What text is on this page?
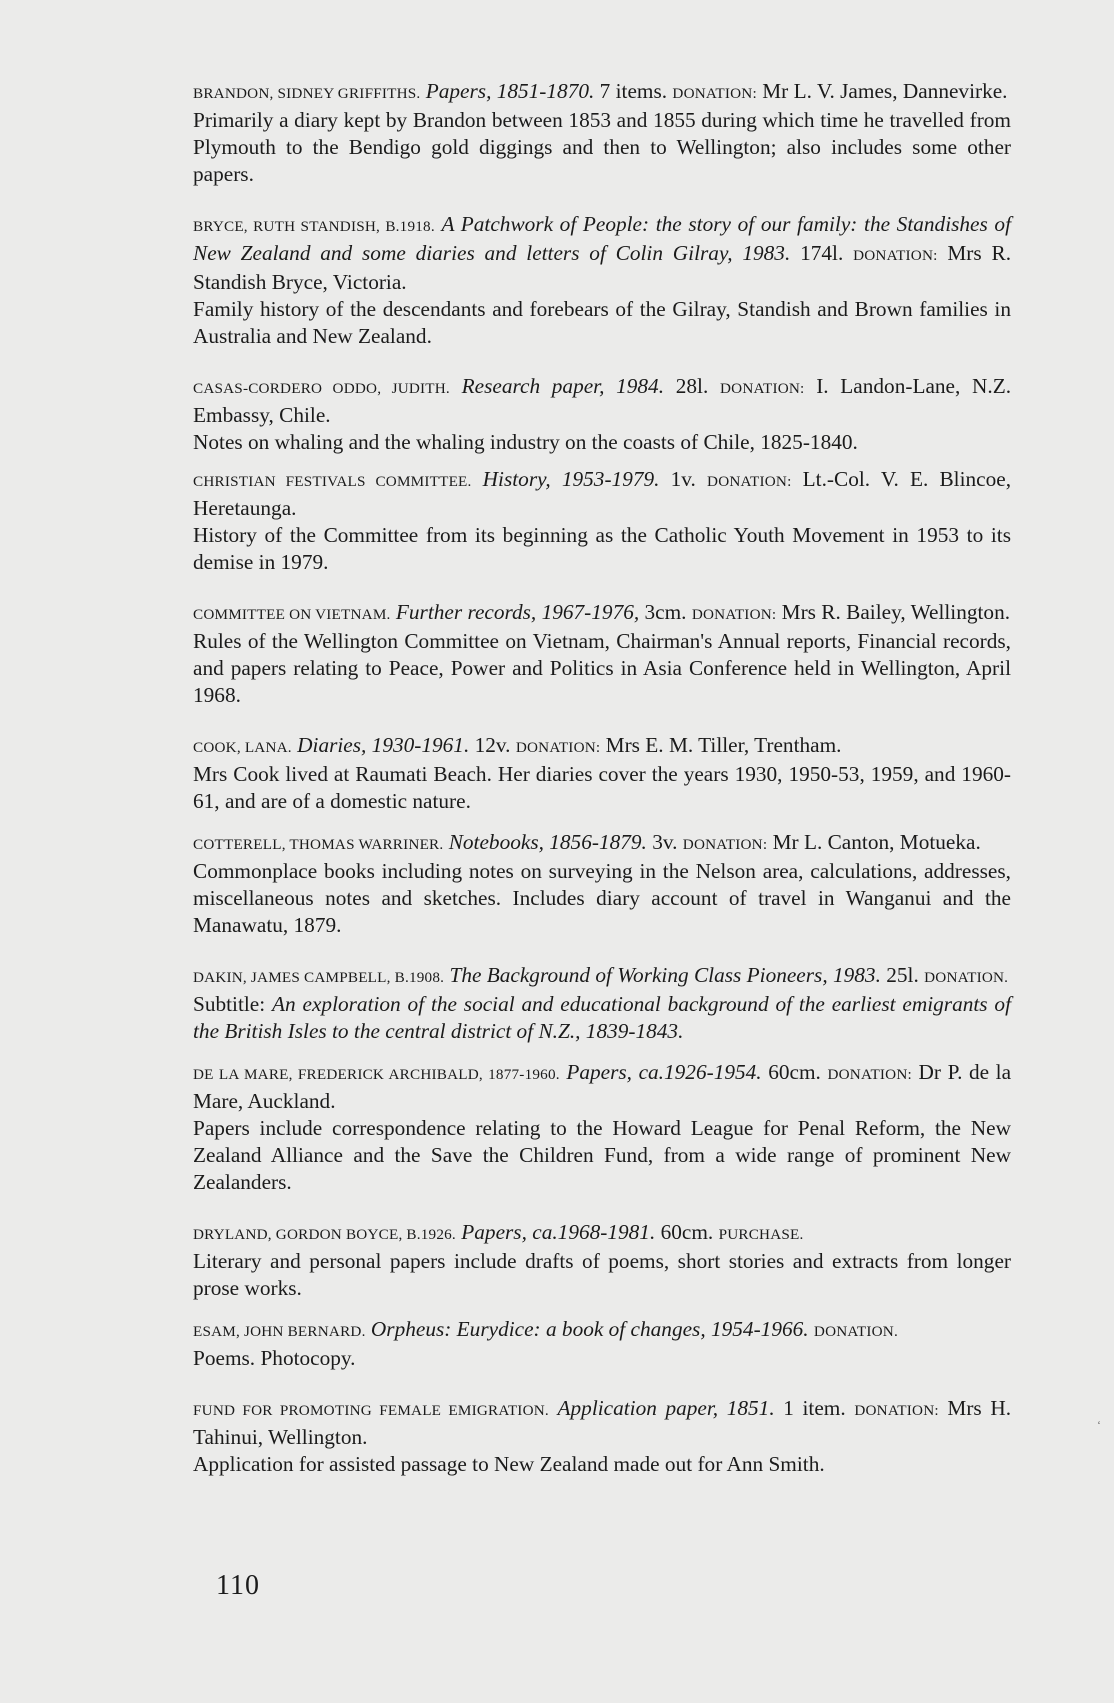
BRANDON, SIDNEY GRIFFITHS. Papers, 1851-1870. 7 items. DONATION: Mr L. V. James, Dannevirke.

Primarily a diary kept by Brandon between 1853 and 1855 during which time he travelled from Plymouth to the Bendigo gold diggings and then to Wellington; also includes some other papers.

BRYCE, RUTH STANDISH, B.1918. A Patchwork of People: the story of our family: the Standishes of New Zealand and some diaries and letters of Colin Gilray, 1983. 174l. DONATION: Mrs R. Standish Bryce, Victoria.

Family history of the descendants and forebears of the Gilray, Standish and Brown families in Australia and New Zealand.

CASAS-CORDERO ODDO, JUDITH. Research paper, 1984. 28l. DONATION: I. Landon-Lane, N.Z. Embassy, Chile.

Notes on whaling and the whaling industry on the coasts of Chile, 1825-1840.

CHRISTIAN FESTIVALS COMMITTEE. History, 1953-1979. 1v. DONATION: Lt.-Col. V. E. Blincoe, Heretaunga.

History of the Committee from its beginning as the Catholic Youth Movement in 1953 to its demise in 1979.

COMMITTEE ON VIETNAM. Further records, 1967-1976, 3cm. DONATION: Mrs R. Bailey, Wellington.

Rules of the Wellington Committee on Vietnam, Chairman's Annual reports, Financial records, and papers relating to Peace, Power and Politics in Asia Conference held in Wellington, April 1968.

COOK, LANA. Diaries, 1930-1961. 12v. DONATION: Mrs E. M. Tiller, Trentham.

Mrs Cook lived at Raumati Beach. Her diaries cover the years 1930, 1950-53, 1959, and 1960-61, and are of a domestic nature.

COTTERELL, THOMAS WARRINER. Notebooks, 1856-1879. 3v. DONATION: Mr L. Canton, Motueka.

Commonplace books including notes on surveying in the Nelson area, calculations, addresses, miscellaneous notes and sketches. Includes diary account of travel in Wanganui and the Manawatu, 1879.

DAKIN, JAMES CAMPBELL, B.1908. The Background of Working Class Pioneers, 1983. 25l. DONATION.

Subtitle: An exploration of the social and educational background of the earliest emigrants of the British Isles to the central district of N.Z., 1839-1843.

DE LA MARE, FREDERICK ARCHIBALD, 1877-1960. Papers, ca.1926-1954. 60cm. DONATION: Dr P. de la Mare, Auckland.

Papers include correspondence relating to the Howard League for Penal Reform, the New Zealand Alliance and the Save the Children Fund, from a wide range of prominent New Zealanders.

DRYLAND, GORDON BOYCE, B.1926. Papers, ca.1968-1981. 60cm. PURCHASE.

Literary and personal papers include drafts of poems, short stories and extracts from longer prose works.

ESAM, JOHN BERNARD. Orpheus: Eurydice: a book of changes, 1954-1966. DONATION.

Poems. Photocopy.

FUND FOR PROMOTING FEMALE EMIGRATION. Application paper, 1851. 1 item. DONATION: Mrs H. Tahinui, Wellington.

Application for assisted passage to New Zealand made out for Ann Smith.

110
‘
